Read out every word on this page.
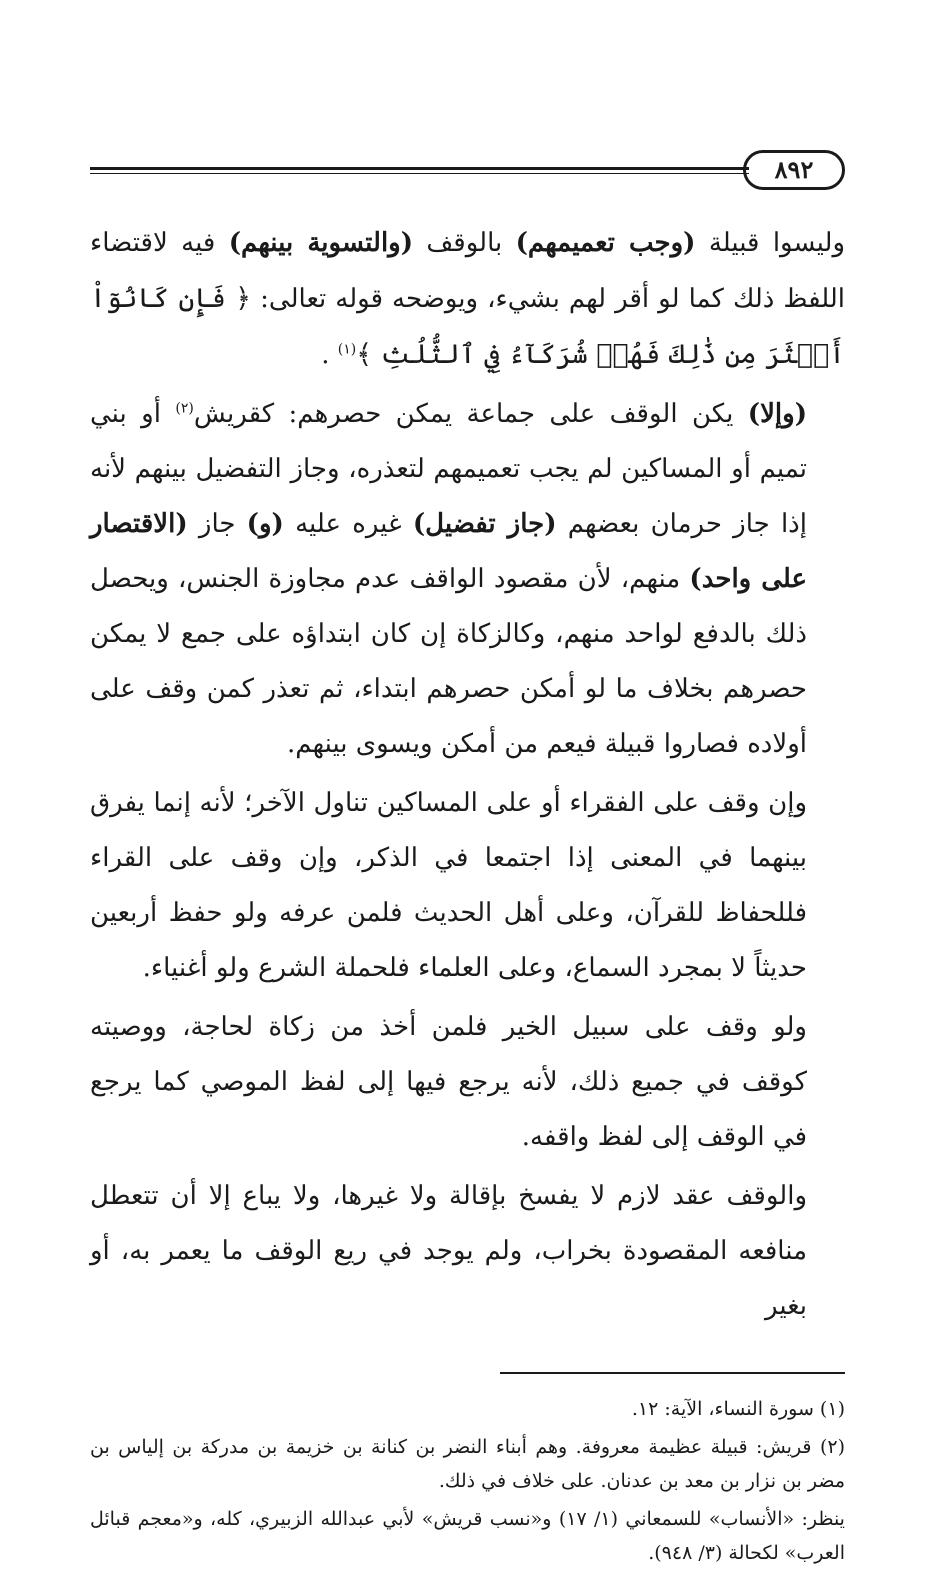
٨٩٢

وليسوا قبيلة (وجب تعميمهم) بالوقف (والتسوية بينهم) فيه لاقتضاء اللفظ ذلك كما لو أقر لهم بشيء، ويوضحه قوله تعالى: ﴿ فَإِن كَانُوٓاْ أَكۡثَرَ مِن ذَٰلِكَ فَهُمۡ شُرَكَآءُ فِي ٱلثُّلُثِ ﴾$^{(١)}$ .

(وإلا) يكن الوقف على جماعة يمكن حصرهم: كقريش$^{(٢)}$ أو بني تميم أو المساكين لم يجب تعميمهم لتعذره، وجاز التفضيل بينهم لأنه إذا جاز حرمان بعضهم (جاز تفضيل) غيره عليه (و) جاز (الاقتصار على واحد) منهم، لأن مقصود الواقف عدم مجاوزة الجنس، ويحصل ذلك بالدفع لواحد منهم، وكالزكاة إن كان ابتداؤه على جمع لا يمكن حصرهم بخلاف ما لو أمكن حصرهم ابتداء، ثم تعذر كمن وقف على أولاده فصاروا قبيلة فيعم من أمكن ويسوى بينهم.

وإن وقف على الفقراء أو على المساكين تناول الآخر؛ لأنه إنما يفرق بينهما في المعنى إذا اجتمعا في الذكر، وإن وقف على القراء فللحفاظ للقرآن، وعلى أهل الحديث فلمن عرفه ولو حفظ أربعين حديثاً لا بمجرد السماع، وعلى العلماء فلحملة الشرع ولو أغنياء.

ولو وقف على سبيل الخير فلمن أخذ من زكاة لحاجة، ووصيته كوقف في جميع ذلك، لأنه يرجع فيها إلى لفظ الموصي كما يرجع في الوقف إلى لفظ واقفه.

والوقف عقد لازم لا يفسخ بإقالة ولا غيرها، ولا يباع إلا أن تتعطل منافعه المقصودة بخراب، ولم يوجد في ريع الوقف ما يعمر به، أو بغير

(١) سورة النساء، الآية: ١٢.

(٢) قريش: قبيلة عظيمة معروفة. وهم أبناء النضر بن كنانة بن خزيمة بن مدركة بن إلياس بن مضر بن نزار بن معد بن عدنان. على خلاف في ذلك.

ينظر: «الأنساب» للسمعاني (١/ ١٧) و«نسب قريش» لأبي عبدالله الزبيري، كله، و«معجم قبائل العرب» لكحالة (٣/ ٩٤٨).
